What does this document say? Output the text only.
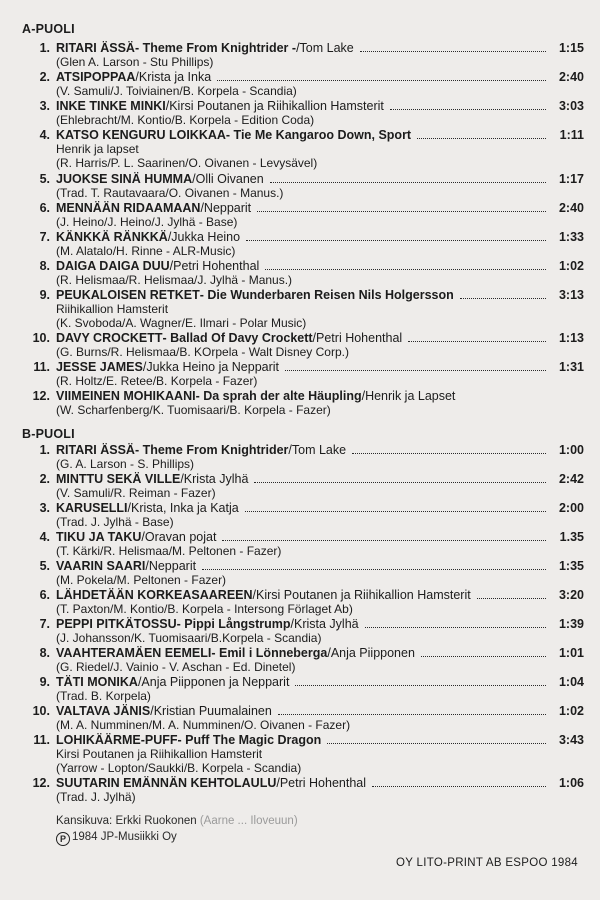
A-PUOLI
1. RITARI ÄSSÄ - Theme From Knightrider - /Tom Lake	1:15
(Glen A. Larson - Stu Phillips)
2. ATSIPOPPAA /Krista ja Inka	2:40
(V. Samuli/J. Toiviainen/B. Korpela - Scandia)
3. INKE TINKE MINKI /Kirsi Poutanen ja Riihikallion Hamsterit	3:03
(Ehlebracht/M. Kontio/B. Korpela - Edition Coda)
4. KATSO KENGURU LOIKKAA - Tie Me Kangaroo Down, Sport	1:11
Henrik ja lapset
(R. Harris/P. L. Saarinen/O. Oivanen - Levysävel)
5. JUOKSE SINÄ HUMMA /Olli Oivanen	1:17
(Trad. T. Rautavaara/O. Oivanen - Manus.)
6. MENNÄÄN RIDAAMAAN /Nepparit	2:40
(J. Heino/J. Heino/J. Jylhä - Base)
7. KÄNKKÄ RÄNKKÄ /Jukka Heino	1:33
(M. Alatalo/H. Rinne - ALR-Music)
8. DAIGA DAIGA DUU /Petri Hohenthal	1:02
(R. Helismaa/R. Helismaa/J. Jylhä - Manus.)
9. PEUKALOISEN RETKET - Die Wunderbaren Reisen Nils Holgersson	3:13
Riihikallion Hamsterit
(K. Svoboda/A. Wagner/E. Ilmari - Polar Music)
10. DAVY CROCKETT - Ballad Of Davy Crockett /Petri Hohenthal	1:13
(G. Burns/R. Helismaa/B. KOrpela - Walt Disney Corp.)
11. JESSE JAMES /Jukka Heino ja Nepparit	1:31
(R. Holtz/E. Retee/B. Korpela - Fazer)
12. VIIMEINEN MOHIKAANI - Da sprah der alte Häupling /Henrik ja Lapset
(W. Scharfenberg/K. Tuomisaari/B. Korpela - Fazer)
B-PUOLI
1. RITARI ÄSSÄ - Theme From Knightrider /Tom Lake	1:00
(G. A. Larson - S. Phillips)
2. MINTTU SEKÄ VILLE /Krista Jylhä	2:42
(V. Samuli/R. Reiman - Fazer)
3. KARUSELLI /Krista, Inka ja Katja	2:00
(Trad. J. Jylhä - Base)
4. TIKU JA TAKU /Oravan pojat	1.35
(T. Kärki/R. Helismaa/M. Peltonen - Fazer)
5. VAARIN SAARI /Nepparit	1:35
(M. Pokela/M. Peltonen - Fazer)
6. LÄHDETÄÄN KORKEASAAREEN /Kirsi Poutanen ja Riihikallion Hamsterit	3:20
(T. Paxton/M. Kontio/B. Korpela - Intersong Förlaget Ab)
7. PEPPI PITKÄTOSSU - Pippi Långstrump /Krista Jylhä	1:39
(J. Johansson/K. Tuomisaari/B.Korpela - Scandia)
8. VAAHTERAMÄEN EEMELI - Emil i Lönneberga /Anja Piipponen	1:01
(G. Riedel/J. Vainio - V. Aschan - Ed. Dinetel)
9. TÄTI MONIKA /Anja Piipponen ja Nepparit	1:04
(Trad. B. Korpela)
10. VALTAVA JÄNIS /Kristian Puumalainen	1:02
(M. A. Numminen/M. A. Numminen/O. Oivanen - Fazer)
11. LOHIKÄÄRME-PUFF - Puff The Magic Dragon	3:43
Kirsi Poutanen ja Riihikallion Hamsterit
(Yarrow - Lopton/Saukki/B. Korpela - Scandia)
12. SUUTARIN EMÄNNÄN KEHTOLAULU /Petri Hohenthal	1:06
(Trad. J. Jylhä)
Kansikuva: Erkki Ruokonen (Aarne ... Iloveuun)
P 1984 JP-Musiikki Oy
OY LITO-PRINT AB ESPOO 1984
